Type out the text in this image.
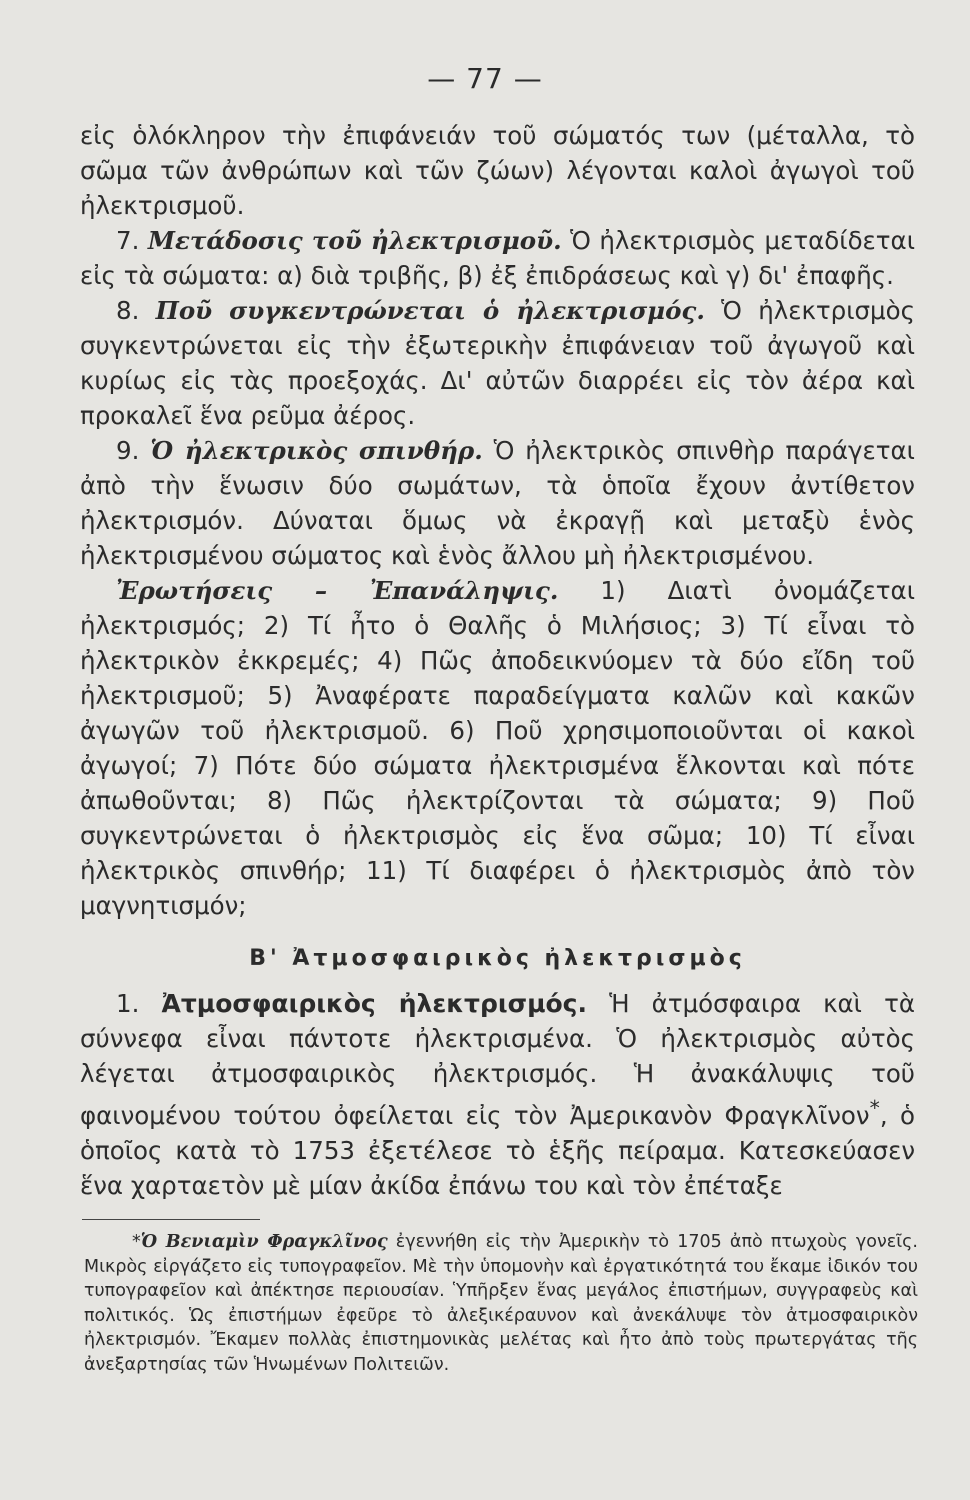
— 77 —

εἰς ὁλόκληρον τὴν ἐπιφάνειάν τοῦ σώματός των (μέταλλα, τὸ σῶμα τῶν ἀνθρώπων καὶ τῶν ζώων) λέγονται καλοὶ ἀγωγοὶ τοῦ ἠλεκτρισμοῦ.

7. Μετάδοσις τοῦ ἠλεκτρισμοῦ. Ὁ ἠλεκτρισμὸς μεταδίδεται εἰς τὰ σώματα: α) διὰ τριβῆς, β) ἐξ ἐπιδράσεως καὶ γ) δι' ἐπαφῆς.

8. Ποῦ συγκεντρώνεται ὁ ἠλεκτρισμός. Ὁ ἠλεκτρισμὸς συγκεντρώνεται εἰς τὴν ἐξωτερικὴν ἐπιφάνειαν τοῦ ἀγωγοῦ καὶ κυρίως εἰς τὰς προεξοχάς. Δι' αὐτῶν διαρρέει εἰς τὸν ἀέρα καὶ προκαλεῖ ἕνα ρεῦμα ἀέρος.

9. Ὁ ἠλεκτρικὸς σπινθήρ. Ὁ ἠλεκτρικὸς σπινθὴρ παράγεται ἀπὸ τὴν ἕνωσιν δύο σωμάτων, τὰ ὁποῖα ἔχουν ἀντίθετον ἠλεκτρισμόν. Δύναται ὅμως νὰ ἐκραγῇ καὶ μεταξὺ ἑνὸς ἠλεκτρισμένου σώματος καὶ ἑνὸς ἄλλου μὴ ἠλεκτρισμένου.

Ἐρωτήσεις – Ἐπανάληψις. 1) Διατὶ ὀνομάζεται ἠλεκτρισμός; 2) Τί ἦτο ὁ Θαλῆς ὁ Μιλήσιος; 3) Τί εἶναι τὸ ἠλεκτρικὸν ἐκκρεμές; 4) Πῶς ἀποδεικνύομεν τὰ δύο εἴδη τοῦ ἠλεκτρισμοῦ; 5) Ἀναφέρατε παραδείγματα καλῶν καὶ κακῶν ἀγωγῶν τοῦ ἠλεκτρισμοῦ. 6) Ποῦ χρησιμοποιοῦνται οἱ κακοὶ ἀγωγοί; 7) Πότε δύο σώματα ἠλεκτρισμένα ἕλκονται καὶ πότε ἀπωθοῦνται; 8) Πῶς ἠλεκτρίζονται τὰ σώματα; 9) Ποῦ συγκεντρώνεται ὁ ἠλεκτρισμὸς εἰς ἕνα σῶμα; 10) Τί εἶναι ἠλεκτρικὸς σπινθήρ; 11) Τί διαφέρει ὁ ἠλεκτρισμὸς ἀπὸ τὸν μαγνητισμόν;

Β' Ἀτμοσφαιρικὸς ἠλεκτρισμὸς

1. Ἀτμοσφαιρικὸς ἠλεκτρισμός. Ἡ ἀτμόσφαιρα καὶ τὰ σύννεφα εἶναι πάντοτε ἠλεκτρισμένα. Ὁ ἠλεκτρισμὸς αὐτὸς λέγεται ἀτμοσφαιρικὸς ἠλεκτρισμός. Ἡ ἀνακάλυψις τοῦ φαινομένου τούτου ὀφείλεται εἰς τὸν Ἀμερικανὸν Φραγκλῖνον*, ὁ ὁποῖος κατὰ τὸ 1753 ἐξετέλεσε τὸ ἑξῆς πείραμα. Κατεσκεύασεν ἕνα χαρταετὸν μὲ μίαν ἀκίδα ἐπάνω του καὶ τὸν ἐπέταξε

*Ὁ Βενιαμὶν Φραγκλῖνος ἐγεννήθη εἰς τὴν Ἀμερικὴν τὸ 1705 ἀπὸ πτωχοὺς γονεῖς. Μικρὸς εἰργάζετο εἰς τυπογραφεῖον. Μὲ τὴν ὑπομονὴν καὶ ἐργατικότητά του ἔκαμε ἰδικόν του τυπογραφεῖον καὶ ἀπέκτησε περιουσίαν. Ὑπῆρξεν ἕνας μεγάλος ἐπιστήμων, συγγραφεὺς καὶ πολιτικός. Ὡς ἐπιστήμων ἐφεῦρε τὸ ἀλεξικέραυνον καὶ ἀνεκάλυψε τὸν ἀτμοσφαιρικὸν ἠλεκτρισμόν. Ἔκαμεν πολλὰς ἐπιστημονικὰς μελέτας καὶ ἦτο ἀπὸ τοὺς πρωτεργάτας τῆς ἀνεξαρτησίας τῶν Ἡνωμένων Πολιτειῶν.
